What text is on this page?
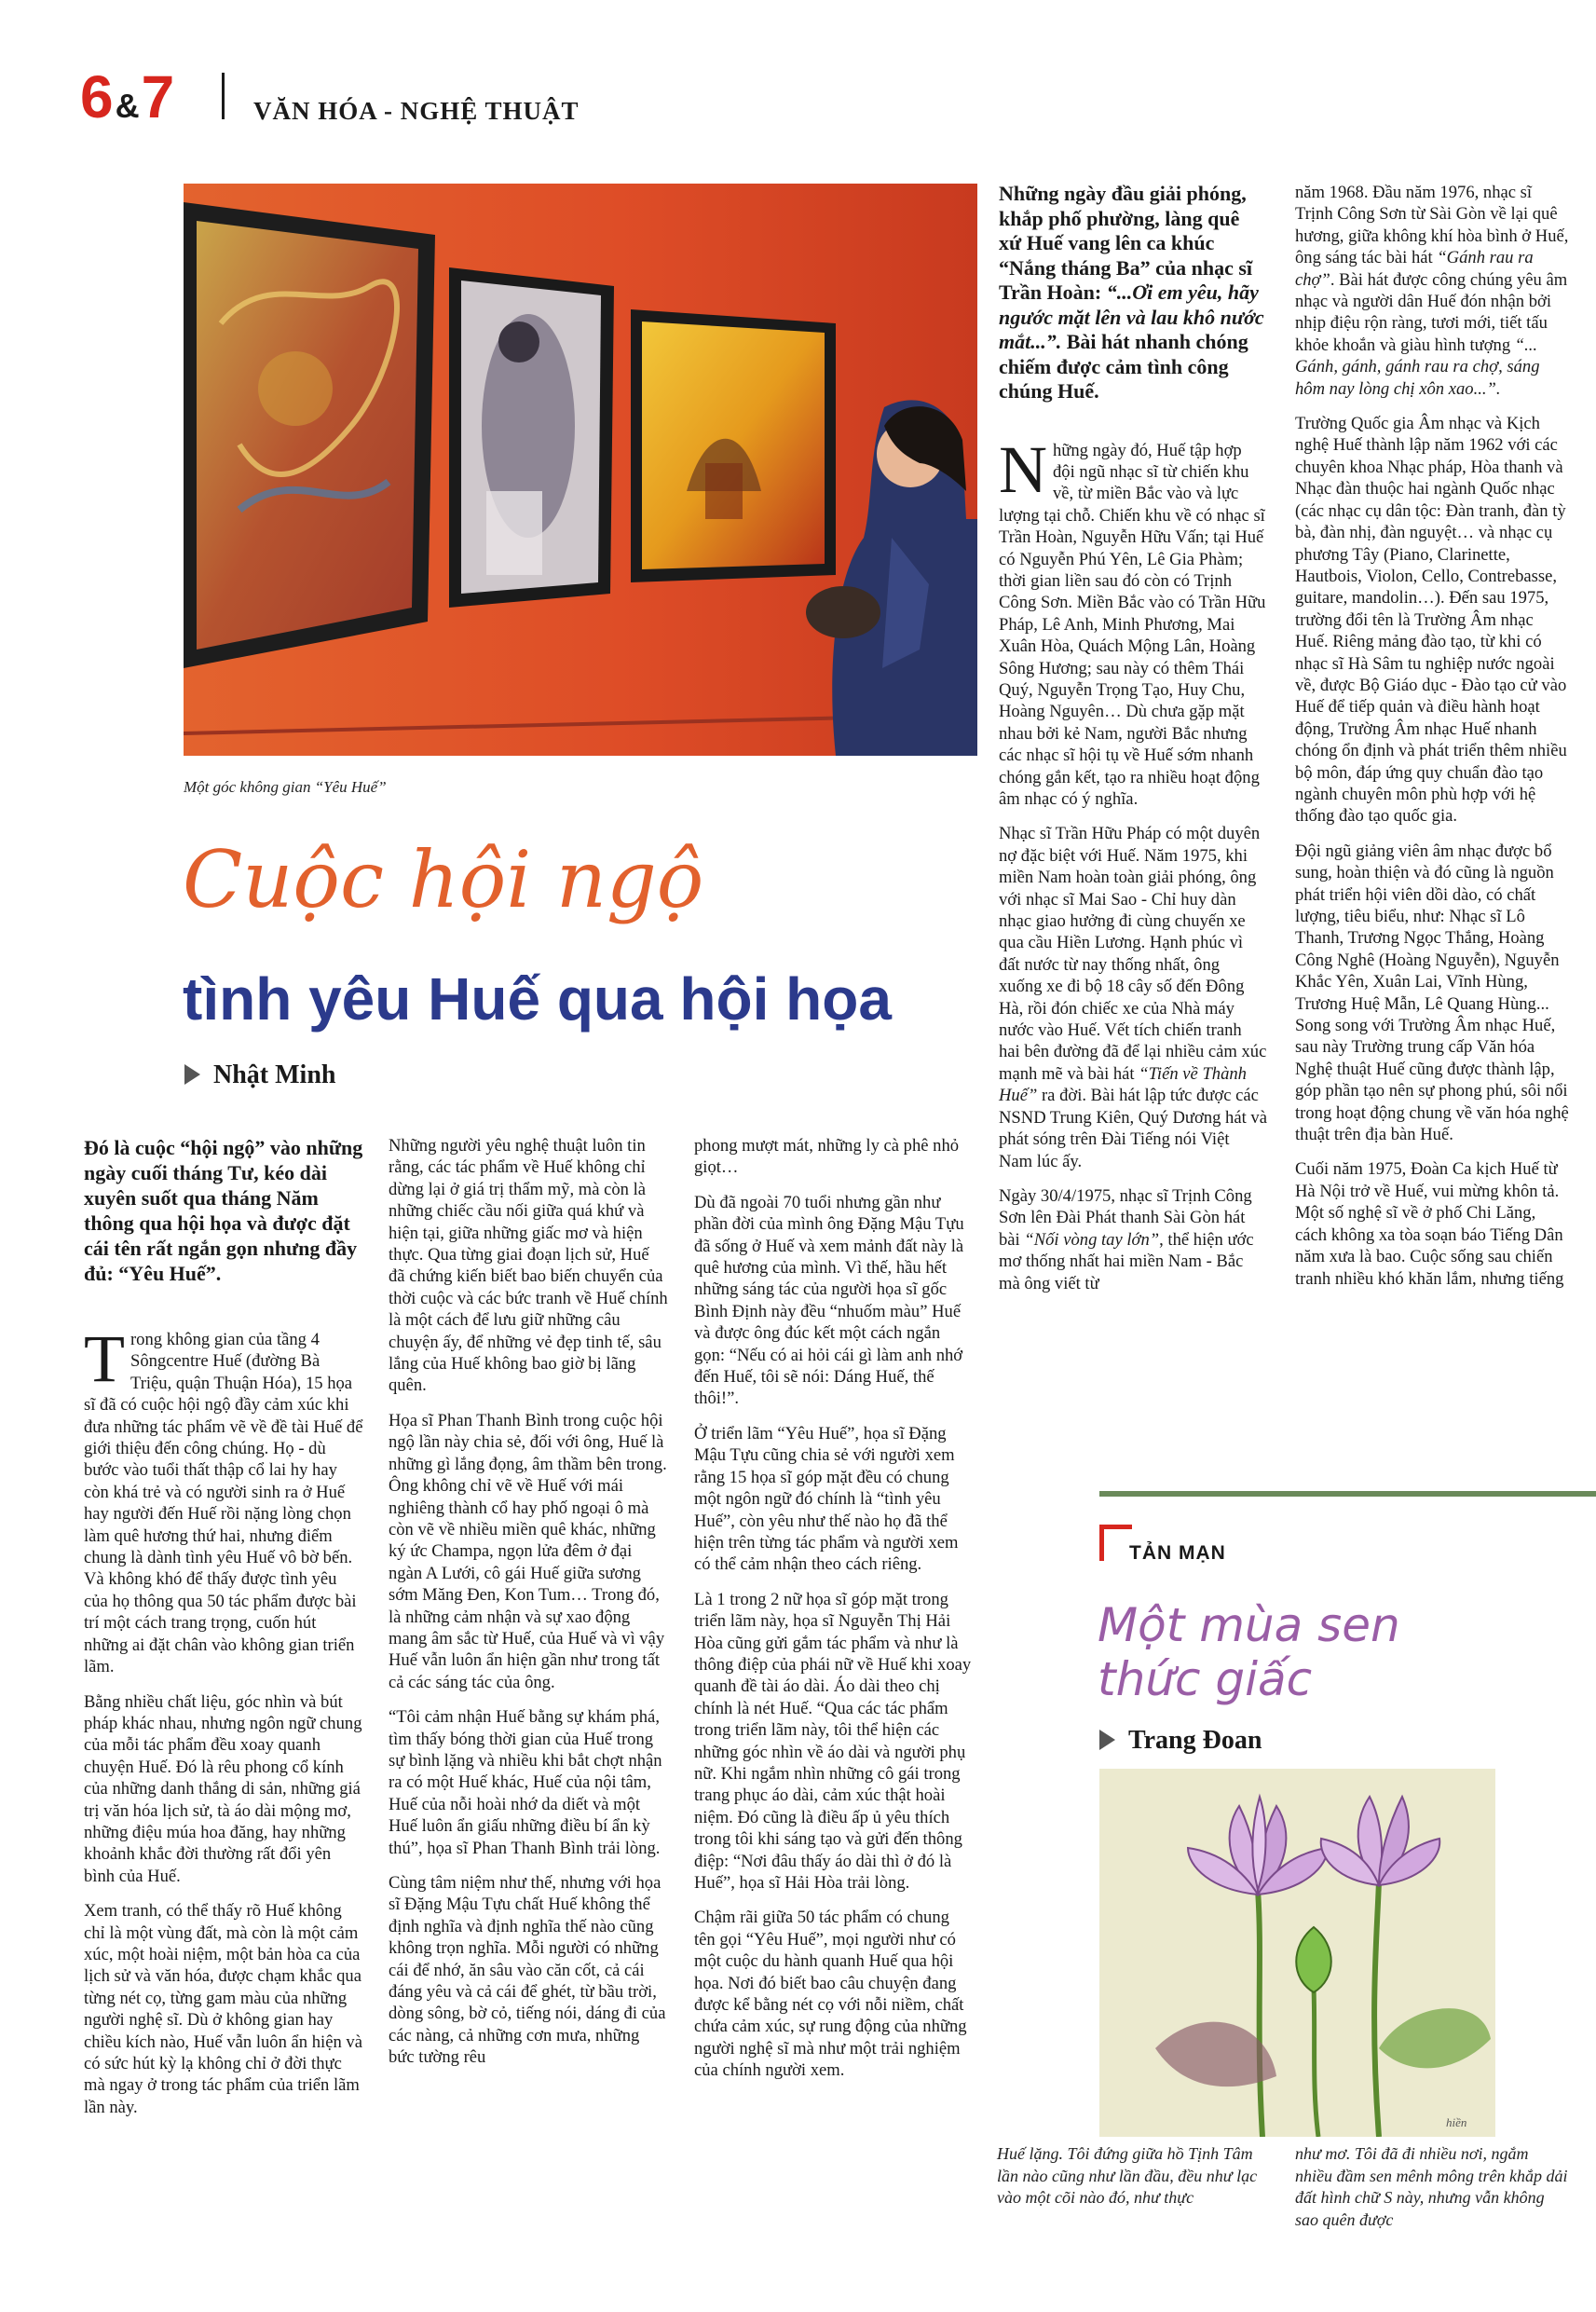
6&7	VĂN HÓA - NGHỆ THUẬT
Một góc không gian “Yêu Huế”
Cuộc hội ngộ
tình yêu Huế qua hội họa
Nhật Minh

Đó là cuộc “hội ngộ” vào những ngày cuối tháng Tư, kéo dài xuyên suốt qua tháng Năm thông qua hội họa và được đặt cái tên rất ngắn gọn nhưng đầy đủ: “Yêu Huế”.

Trong không gian của tầng 4 Sôngcentre Huế (đường Bà Triệu, quận Thuận Hóa), 15 họa sĩ đã có cuộc hội ngộ đầy cảm xúc khi đưa những tác phẩm vẽ về đề tài Huế để giới thiệu đến công chúng. Họ - dù bước vào tuổi thất thập cổ lai hy hay còn khá trẻ và có người sinh ra ở Huế hay người đến Huế rồi nặng lòng chọn làm quê hương thứ hai, nhưng điểm chung là dành tình yêu Huế vô bờ bến. Và không khó để thấy được tình yêu của họ thông qua 50 tác phẩm được bài trí một cách trang trọng, cuốn hút những ai đặt chân vào không gian triển lãm.

Bằng nhiều chất liệu, góc nhìn và bút pháp khác nhau, nhưng ngôn ngữ chung của mỗi tác phẩm đều xoay quanh chuyện Huế. Đó là rêu phong cổ kính của những danh thắng di sản, những giá trị văn hóa lịch sử, tà áo dài mộng mơ, những điệu múa hoa đăng, hay những khoảnh khắc đời thường rất đổi yên bình của Huế.

Xem tranh, có thể thấy rõ Huế không chỉ là một vùng đất, mà còn là một cảm xúc, một hoài niệm, một bản hòa ca của lịch sử và văn hóa, được chạm khắc qua từng nét cọ, từng gam màu của những người nghệ sĩ. Dù ở không gian hay chiều kích nào, Huế vẫn luôn ẩn hiện và có sức hút kỳ lạ không chỉ ở đời thực mà ngay ở trong tác phẩm của triển lãm lần này.

Những người yêu nghệ thuật luôn tin rằng, các tác phẩm về Huế không chỉ dừng lại ở giá trị thẩm mỹ, mà còn là những chiếc cầu nối giữa quá khứ và hiện tại, giữa những giấc mơ và hiện thực. Qua từng giai đoạn lịch sử, Huế đã chứng kiến biết bao biến chuyển của thời cuộc và các bức tranh về Huế chính là một cách để lưu giữ những câu chuyện ấy, để những vẻ đẹp tinh tế, sâu lắng của Huế không bao giờ bị lãng quên.

Họa sĩ Phan Thanh Bình trong cuộc hội ngộ lần này chia sẻ, đối với ông, Huế là những gì lắng đọng, âm thầm bên trong. Ông không chỉ vẽ về Huế với mái nghiêng thành cổ hay phố ngoại ô mà còn vẽ về nhiều miền quê khác, những ký ức Champa, ngọn lửa đêm ở đại ngàn A Lưới, cô gái Huế giữa sương sớm Măng Đen, Kon Tum… Trong đó, là những cảm nhận và sự xao động mang âm sắc từ Huế, của Huế và vì vậy Huế vẫn luôn ẩn hiện gần như trong tất cả các sáng tác của ông.

“Tôi cảm nhận Huế bằng sự khám phá, tìm thấy bóng thời gian của Huế trong sự bình lặng và nhiều khi bắt chợt nhận ra có một Huế khác, Huế của nội tâm, Huế của nỗi hoài nhớ da diết và một Huế luôn ẩn giấu những điều bí ẩn kỳ thú”, họa sĩ Phan Thanh Bình trải lòng.

Cùng tâm niệm như thế, nhưng với họa sĩ Đặng Mậu Tựu chất Huế không thể định nghĩa và định nghĩa thế nào cũng không trọn nghĩa. Mỗi người có những cái để nhớ, ăn sâu vào căn cốt, cả cái đáng yêu và cả cái để ghét, từ bầu trời, dòng sông, bờ cỏ, tiếng nói, dáng đi của các nàng, cả những cơn mưa, những bức tường rêu

phong mượt mát, những ly cà phê nhỏ giọt…

Dù đã ngoài 70 tuổi nhưng gần như phần đời của mình ông Đặng Mậu Tựu đã sống ở Huế và xem mảnh đất này là quê hương của mình. Vì thế, hầu hết những sáng tác của người họa sĩ gốc Bình Định này đều “nhuốm màu” Huế và được ông đúc kết một cách ngắn gọn: “Nếu có ai hỏi cái gì làm anh nhớ đến Huế, tôi sẽ nói: Dáng Huế, thế thôi!”.

Ở triển lãm “Yêu Huế”, họa sĩ Đặng Mậu Tựu cũng chia sẻ với người xem rằng 15 họa sĩ góp mặt đều có chung một ngôn ngữ đó chính là “tình yêu Huế”, còn yêu như thế nào họ đã thể hiện trên từng tác phẩm và người xem có thể cảm nhận theo cách riêng.

Là 1 trong 2 nữ họa sĩ góp mặt trong triển lãm này, họa sĩ Nguyễn Thị Hải Hòa cũng gửi gắm tác phẩm và như là thông điệp của phái nữ về Huế khi xoay quanh đề tài áo dài. Áo dài theo chị chính là nét Huế. “Qua các tác phẩm trong triển lãm này, tôi thể hiện các những góc nhìn về áo dài và người phụ nữ. Khi ngắm nhìn những cô gái trong trang phục áo dài, cảm xúc thật hoài niệm. Đó cũng là điều ấp ủ yêu thích trong tôi khi sáng tạo và gửi đến thông điệp: “Nơi đâu thấy áo dài thì ở đó là Huế”, họa sĩ Hải Hòa trải lòng.

Chậm rãi giữa 50 tác phẩm có chung tên gọi “Yêu Huế”, mọi người như có một cuộc du hành quanh Huế qua hội họa. Nơi đó biết bao câu chuyện đang được kể bằng nét cọ với nỗi niềm, chất chứa cảm xúc, sự rung động của những người nghệ sĩ mà như một trải nghiệm của chính người xem.

Những ngày đầu giải phóng, khắp phố phường, làng quê xứ Huế vang lên ca khúc “Nắng tháng Ba” của nhạc sĩ Trần Hoàn: “...Ơi em yêu, hãy ngước mặt lên và lau khô nước mắt...”. Bài hát nhanh chóng chiếm được cảm tình công chúng Huế.

Những ngày đó, Huế tập hợp đội ngũ nhạc sĩ từ chiến khu về, từ miền Bắc vào và lực lượng tại chỗ. Chiến khu về có nhạc sĩ Trần Hoàn, Nguyễn Hữu Vấn; tại Huế có Nguyễn Phú Yên, Lê Gia Phàm; thời gian liền sau đó còn có Trịnh Công Sơn. Miền Bắc vào có Trần Hữu Pháp, Lê Anh, Minh Phương, Mai Xuân Hòa, Quách Mộng Lân, Hoàng Sông Hương; sau này có thêm Thái Quý, Nguyễn Trọng Tạo, Huy Chu, Hoàng Nguyên… Dù chưa gặp mặt nhau bởi kẻ Nam, người Bắc nhưng các nhạc sĩ hội tụ về Huế sớm nhanh chóng gắn kết, tạo ra nhiều hoạt động âm nhạc có ý nghĩa.

Nhạc sĩ Trần Hữu Pháp có một duyên nợ đặc biệt với Huế. Năm 1975, khi miền Nam hoàn toàn giải phóng, ông với nhạc sĩ Mai Sao - Chỉ huy dàn nhạc giao hưởng đi cùng chuyến xe qua cầu Hiền Lương. Hạnh phúc vì đất nước từ nay thống nhất, ông xuống xe đi bộ 18 cây số đến Đông Hà, rồi đón chiếc xe của Nhà máy nước vào Huế. Vết tích chiến tranh hai bên đường đã để lại nhiều cảm xúc mạnh mẽ và bài hát “Tiến về Thành Huế” ra đời. Bài hát lập tức được các NSND Trung Kiên, Quý Dương hát và phát sóng trên Đài Tiếng nói Việt Nam lúc ấy.

Ngày 30/4/1975, nhạc sĩ Trịnh Công Sơn lên Đài Phát thanh Sài Gòn hát bài “Nối vòng tay lớn”, thể hiện ước mơ thống nhất hai miền Nam - Bắc mà ông viết từ

năm 1968. Đầu năm 1976, nhạc sĩ Trịnh Công Sơn từ Sài Gòn về lại quê hương, giữa không khí hòa bình ở Huế, ông sáng tác bài hát “Gánh rau ra chợ”. Bài hát được công chúng yêu âm nhạc và người dân Huế đón nhận bởi nhịp điệu rộn ràng, tươi mới, tiết tấu khỏe khoắn và giàu hình tượng “... Gánh, gánh, gánh rau ra chợ, sáng hôm nay lòng chị xôn xao...”.

Trường Quốc gia Âm nhạc và Kịch nghệ Huế thành lập năm 1962 với các chuyên khoa Nhạc pháp, Hòa thanh và Nhạc đàn thuộc hai ngành Quốc nhạc (các nhạc cụ dân tộc: Đàn tranh, đàn tỳ bà, đàn nhị, đàn nguyệt… và nhạc cụ phương Tây (Piano, Clarinette, Hautbois, Violon, Cello, Contrebasse, guitare, mandolin…). Đến sau 1975, trường đổi tên là Trường Âm nhạc Huế. Riêng mảng đào tạo, từ khi có nhạc sĩ Hà Sâm tu nghiệp nước ngoài về, được Bộ Giáo dục - Đào tạo cử vào Huế để tiếp quản và điều hành hoạt động, Trường Âm nhạc Huế nhanh chóng ổn định và phát triển thêm nhiều bộ môn, đáp ứng quy chuẩn đào tạo ngành chuyên môn phù hợp với hệ thống đào tạo quốc gia.

Đội ngũ giảng viên âm nhạc được bổ sung, hoàn thiện và đó cũng là nguồn phát triển hội viên dồi dào, có chất lượng, tiêu biểu, như: Nhạc sĩ Lô Thanh, Trương Ngọc Thắng, Hoàng Công Nghê (Hoàng Nguyễn), Nguyễn Khắc Yên, Xuân Lai, Vĩnh Hùng, Trương Huệ Mẫn, Lê Quang Hùng... Song song với Trường Âm nhạc Huế, sau này Trường trung cấp Văn hóa Nghệ thuật Huế cũng được thành lập, góp phần tạo nên sự phong phú, sôi nổi trong hoạt động chung về văn hóa nghệ thuật trên địa bàn Huế.

Cuối năm 1975, Đoàn Ca kịch Huế từ Hà Nội trở về Huế, vui mừng khôn tả. Một số nghệ sĩ về ở phố Chi Lăng, cách không xa tòa soạn báo Tiếng Dân năm xưa là bao. Cuộc sống sau chiến tranh nhiều khó khăn lắm, nhưng tiếng

TẢN MẠN
Một mùa sen
thức giấc
Trang Đoan
hiền
Huế lặng. Tôi đứng giữa hồ Tịnh Tâm lần nào cũng như lần đầu, đều như lạc vào một cõi nào đó, như thực
như mơ. Tôi đã đi nhiều nơi, ngắm nhiều đầm sen mênh mông trên khắp dải đất hình chữ S này, nhưng vẫn không sao quên được
